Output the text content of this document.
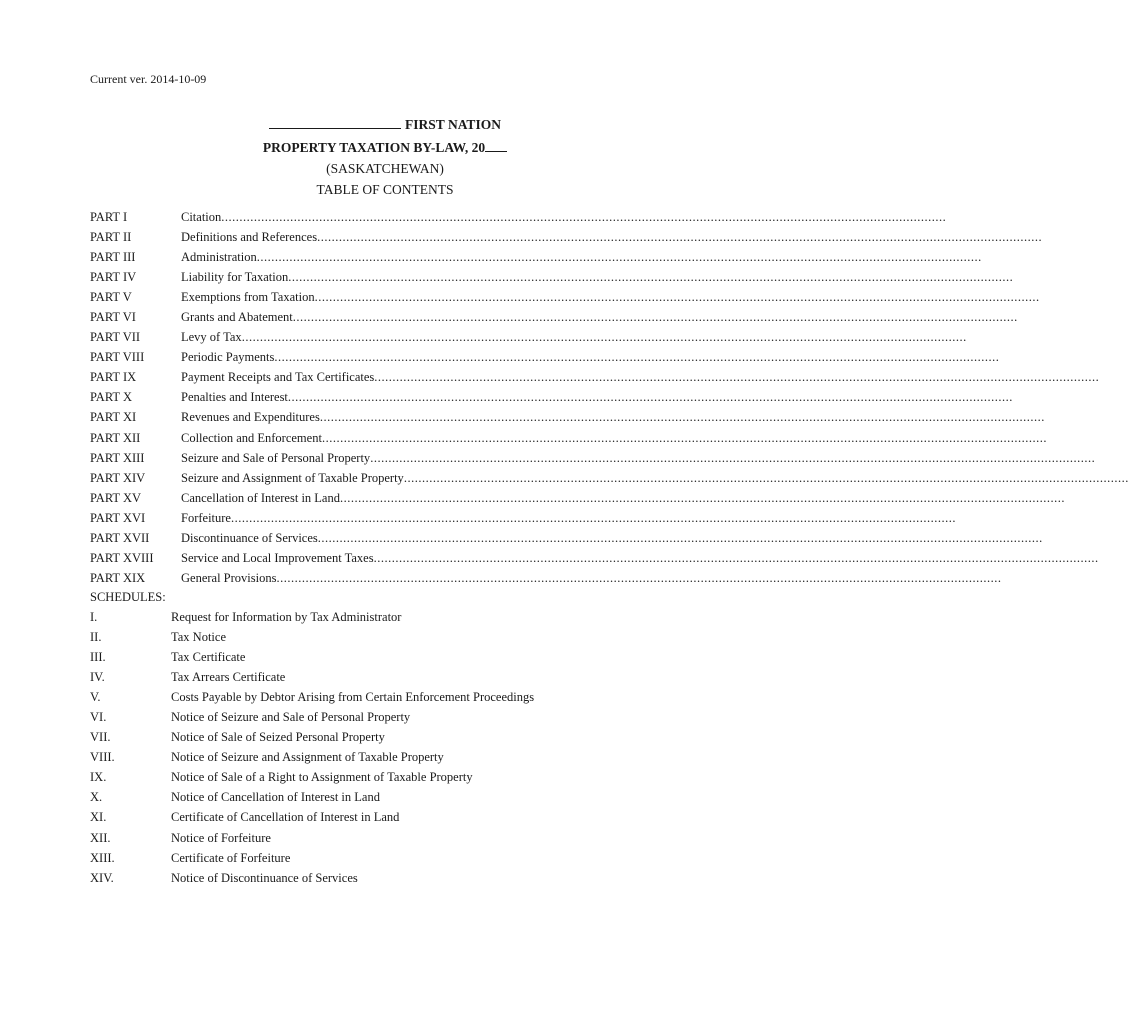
Current ver. 2014-10-09
FIRST NATION
PROPERTY TAXATION BY-LAW, 20
(SASKATCHEWAN)
TABLE OF CONTENTS
PART I	Citation ........................................................................................................................................................................................................
PART II	Definitions and References ........................................................................................................................................................................................................
PART III	Administration ........................................................................................................................................................................................................
PART IV	Liability for Taxation ........................................................................................................................................................................................................
PART V	Exemptions from Taxation ........................................................................................................................................................................................................
PART VI	Grants and Abatement ........................................................................................................................................................................................................
PART VII	Levy of Tax ........................................................................................................................................................................................................
PART VIII	Periodic Payments ........................................................................................................................................................................................................
PART IX	Payment Receipts and Tax Certificates ........................................................................................................................................................................................................
PART X	Penalties and Interest ........................................................................................................................................................................................................
PART XI	Revenues and Expenditures ........................................................................................................................................................................................................
PART XII	Collection and Enforcement ........................................................................................................................................................................................................
PART XIII	Seizure and Sale of Personal Property ........................................................................................................................................................................................................
PART XIV	Seizure and Assignment of Taxable Property ........................................................................................................................................................................................................
PART XV	Cancellation of Interest in Land ........................................................................................................................................................................................................
PART XVI	Forfeiture ........................................................................................................................................................................................................
PART XVII	Discontinuance of Services ........................................................................................................................................................................................................
PART XVIII	Service and Local Improvement Taxes ........................................................................................................................................................................................................
PART XIX	General Provisions ........................................................................................................................................................................................................
SCHEDULES:
I.	Request for Information by Tax Administrator
II.	Tax Notice
III.	Tax Certificate
IV.	Tax Arrears Certificate
V.	Costs Payable by Debtor Arising from Certain Enforcement Proceedings
VI.	Notice of Seizure and Sale of Personal Property
VII.	Notice of Sale of Seized Personal Property
VIII.	Notice of Seizure and Assignment of Taxable Property
IX.	Notice of Sale of a Right to Assignment of Taxable Property
X.	Notice of Cancellation of Interest in Land
XI.	Certificate of Cancellation of Interest in Land
XII.	Notice of Forfeiture
XIII.	Certificate of Forfeiture
XIV.	Notice of Discontinuance of Services
